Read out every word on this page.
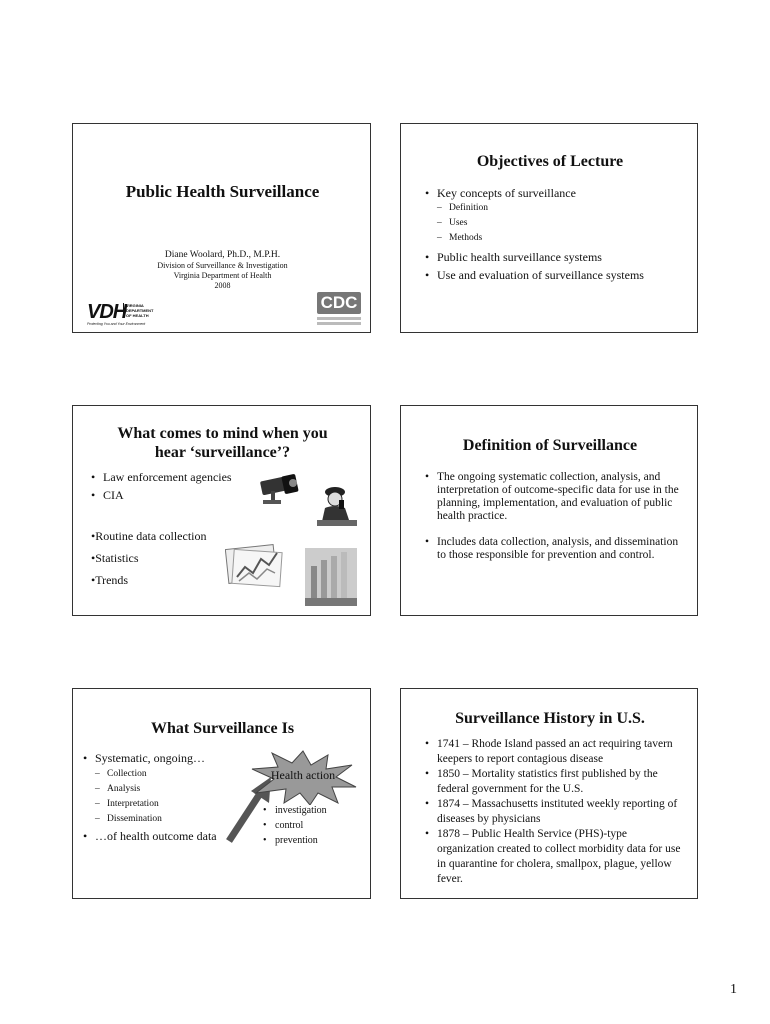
Public Health Surveillance
Diane Woolard, Ph.D., M.P.H.
Division of Surveillance & Investigation
Virginia Department of Health
2008
VDH VIRGINIA
DEPARTMENT
OF HEALTH
Protecting You and Your Environment
CDC
Objectives of Lecture
• Key concepts of surveillance
– Definition
– Uses
– Methods
• Public health surveillance systems
• Use and evaluation of surveillance systems
What comes to mind when you
hear ‘surveillance’?
• Law enforcement agencies
• CIA
•Routine data collection
•Statistics
•Trends
Definition of Surveillance
• The ongoing systematic collection, analysis, and interpretation of outcome-specific data for use in the planning, implementation, and evaluation of public health practice.
• Includes data collection, analysis, and dissemination to those responsible for prevention and control.
What Surveillance Is
• Systematic, ongoing…
– Collection
– Analysis
– Interpretation
– Dissemination
• …of health outcome data
Health action
• investigation
• control
• prevention
Surveillance History in U.S.
• 1741 – Rhode Island passed an act requiring tavern keepers to report contagious disease
• 1850 – Mortality statistics first published by the federal government for the U.S.
• 1874 – Massachusetts instituted weekly reporting of diseases by physicians
• 1878 – Public Health Service (PHS)-type organization created to collect morbidity data for use in quarantine for cholera, smallpox, plague, yellow fever.
1
